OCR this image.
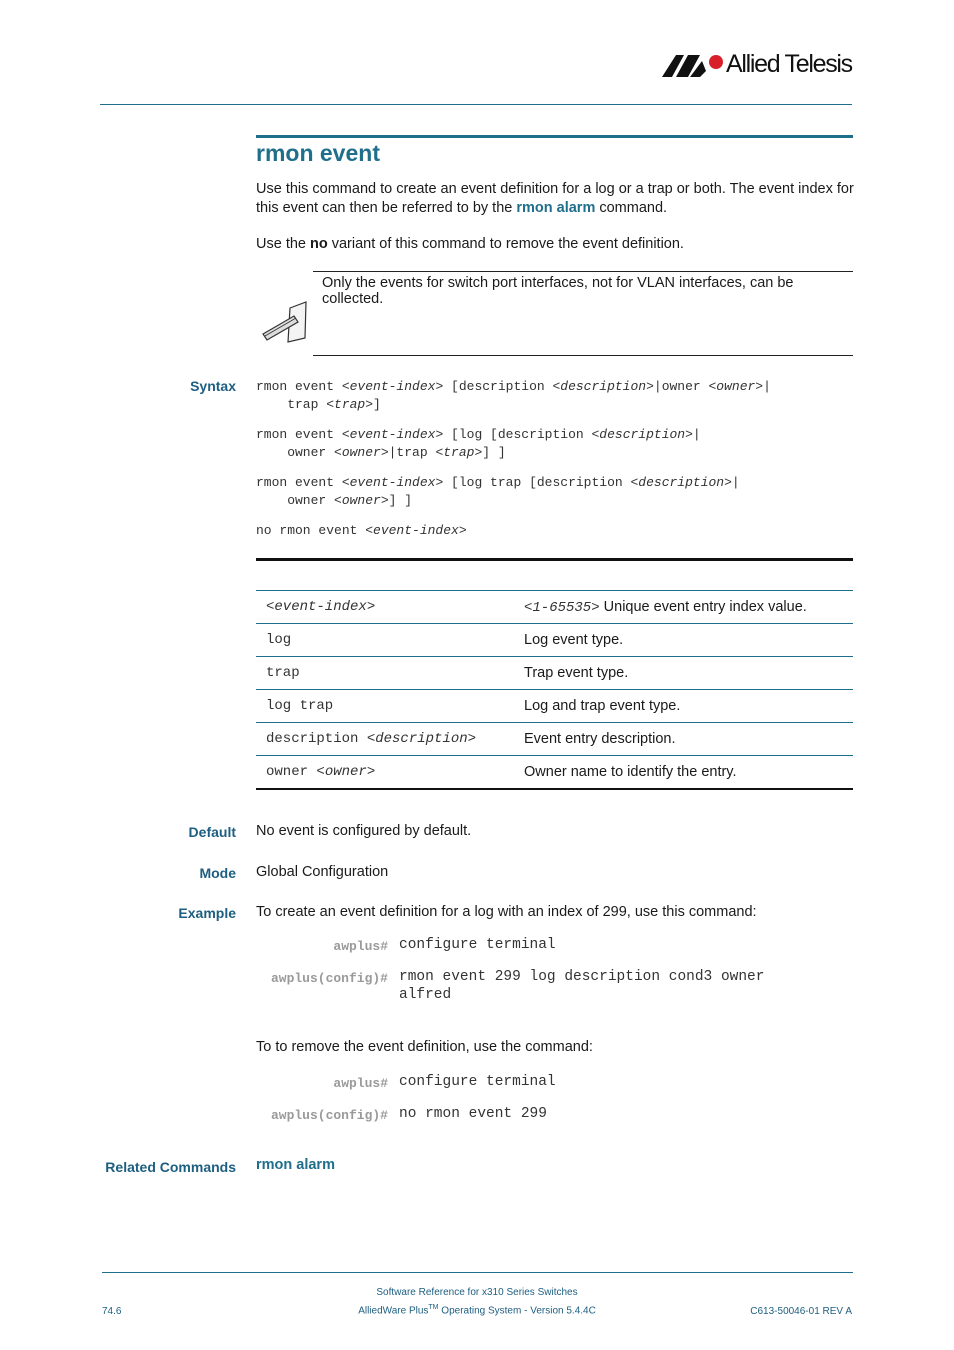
Allied Telesis
rmon event
Use this command to create an event definition for a log or a trap or both. The event index for this event can then be referred to by the rmon alarm command.
Use the no variant of this command to remove the event definition.
Only the events for switch port interfaces, not for VLAN interfaces, can be collected.
Syntax rmon event <event-index> [description <description>|owner <owner>|
trap <trap>]
rmon event <event-index> [log [description <description>|
owner <owner>|trap <trap>] ]
rmon event <event-index> [log trap [description <description>|
owner <owner>] ]
no rmon event <event-index>
<event-index>	<1-65535> Unique event entry index value.
log	Log event type.
trap	Trap event type.
log trap	Log and trap event type.
description <description>	Event entry description.
owner <owner>	Owner name to identify the entry.
Default No event is configured by default.
Mode Global Configuration
Example To create an event definition for a log with an index of 299, use this command:
awplus# configure terminal
awplus(config)# rmon event 299 log description cond3 owner
alfred
To to remove the event definition, use the command:
awplus# configure terminal
awplus(config)# no rmon event 299
Related Commands rmon alarm
Software Reference for x310 Series Switches
AlliedWare Plus™ Operating System - Version 5.4.4C
74.6	C613-50046-01 REV A
